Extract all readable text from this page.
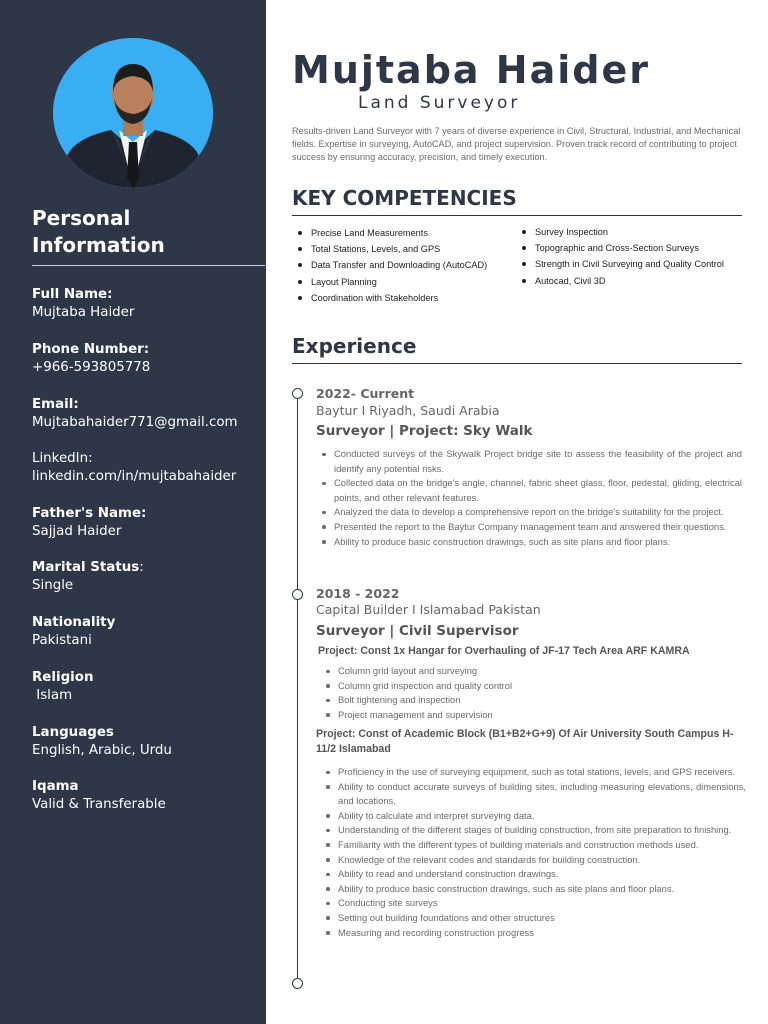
Personal Information
Full Name:
Mujtaba Haider
Phone Number:
+966-593805778
Email:
Mujtabahaider771@gmail.com
LinkedIn:
linkedin.com/in/mujtabahaider
Father's Name:
Sajjad Haider
Marital Status:
Single
Nationality
Pakistani
Religion
Islam
Languages
English, Arabic, Urdu
Iqama
Valid & Transferable
Mujtaba Haider
Land Surveyor
Results-driven Land Surveyor with 7 years of diverse experience in Civil, Structural, Industrial, and Mechanical fields. Expertise in surveying, AutoCAD, and project supervision. Proven track record of contributing to project success by ensuring accuracy, precision, and timely execution.
KEY COMPETENCIES
Precise Land Measurements
Total Stations, Levels, and GPS
Data Transfer and Downloading (AutoCAD)
Layout Planning
Coordination with Stakeholders
Survey Inspection
Topographic and Cross-Section Surveys
Strength in Civil Surveying and Quality Control
Autocad, Civil 3D
Experience
2022- Current
Baytur I Riyadh, Saudi Arabia
Surveyor | Project: Sky Walk
Conducted surveys of the Skywalk Project bridge site to assess the feasibility of the project and identify any potential risks.
Collected data on the bridge's angle, channel, fabric sheet glass, floor, pedestal, gliding, electrical points, and other relevant features.
Analyzed the data to develop a comprehensive report on the bridge's suitability for the project.
Presented the report to the Baytur Company management team and answered their questions.
Ability to produce basic construction drawings, such as site plans and floor plans.
2018 - 2022
Capital Builder I Islamabad Pakistan
Surveyor | Civil Supervisor
Project: Const 1x Hangar for Overhauling of JF-17 Tech Area ARF KAMRA
Column grid layout and surveying
Column grid inspection and quality control
Bolt tightening and inspection
Project management and supervision
Project: Const of Academic Block (B1+B2+G+9) Of Air University South Campus H-11/2 Islamabad
Proficiency in the use of surveying equipment, such as total stations, levels, and GPS receivers.
Ability to conduct accurate surveys of building sites, including measuring elevations, dimensions, and locations.
Ability to calculate and interpret surveying data.
Understanding of the different stages of building construction, from site preparation to finishing.
Familiarity with the different types of building materials and construction methods used.
Knowledge of the relevant codes and standards for building construction.
Ability to read and understand construction drawings.
Ability to produce basic construction drawings, such as site plans and floor plans.
Conducting site surveys
Setting out building foundations and other structures
Measuring and recording construction progress
